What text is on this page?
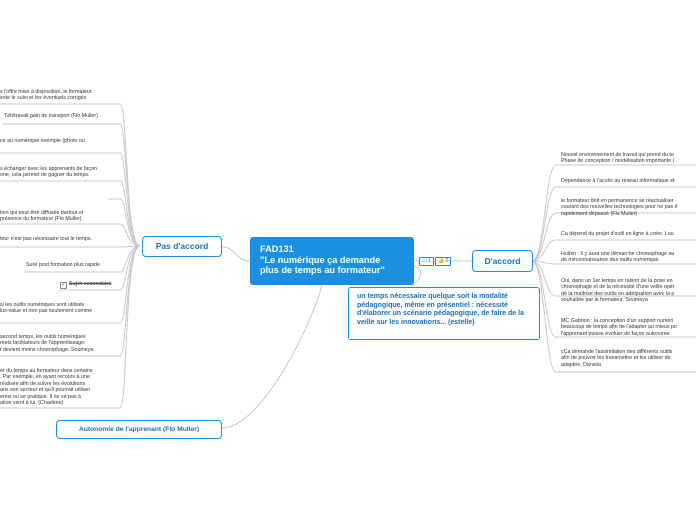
FAD131
"Le numérique ça demande
plus de temps au formateur"
▭ 1	👍 0
Pas d'accord
D'accord
Autonomie de l'apprenant (Flo Muller)
un temps nécessaire quelque soit la modalité pédagogique, même en présentiel : nécessité d'élaborer un scénario pédagogique, de faire de la veille sur les innovations... (estelle)
s l'offre mise à disposition, le formateur
este le suivi et les éventuels corrigés
Télétravail gain de transport (Flo Muller)
ce au numérique exemple (photo ou
s échanger avec les apprenants de façon
one, cela permet de gagner du temps.
tion qui peut être diffusée partout et
présence du formateur (Flo Muller)
teur n'est pas nécessaire tout le temps.
Suivi post formation plus rapide
✓ Sujet secondaire
si les outils numériques sont utilisés
lus-value et non pas seulement comme
second temps, les outils numériques
réels facilitateurs de l'apprentissage.
t devient moins chronophage. Soumeya
er du temps au formateur dans certains
. Par exemple, en ayant recours à une
réalisée afin de suivre les évolutions
ans son secteur et qu'il pourrait utiliser
enus ou se pratique. Il ne va pas à
ation vient à lui. (Charlène)
Nouvel environnement de travail qui prend du te
Phase de conception / modélisation importante (
Dépendance à l'accès au réseau informatique et
le formateur doit en permanence se réactualiser
courant des nouvelles technologies pour ne pas ê
rapidement dépassé (Flo Muller)
Ca dépend du projet d'outil en ligne à créer. Lou
Huibin : Il y aura une démarche chronophage au
de méconnaissance des outils numérique.
Oui, dans un 1er temps en raison de la prise en
chronophage et de la nécessité d'une veille opér
de la maîtrise des outils en adéquation avec la p
souhaitée par le formateur. Soumeya
MC Gabrion : la conception d'un support numéri
beaucoup de temps afin de l'adapter au mieux po
l'apprenant puisse évoluer de façon autonome
cÇa demande l'assimilation des différents outils
afin de pouvoir les transmettre et les utiliser de
adaptée, Daniela
